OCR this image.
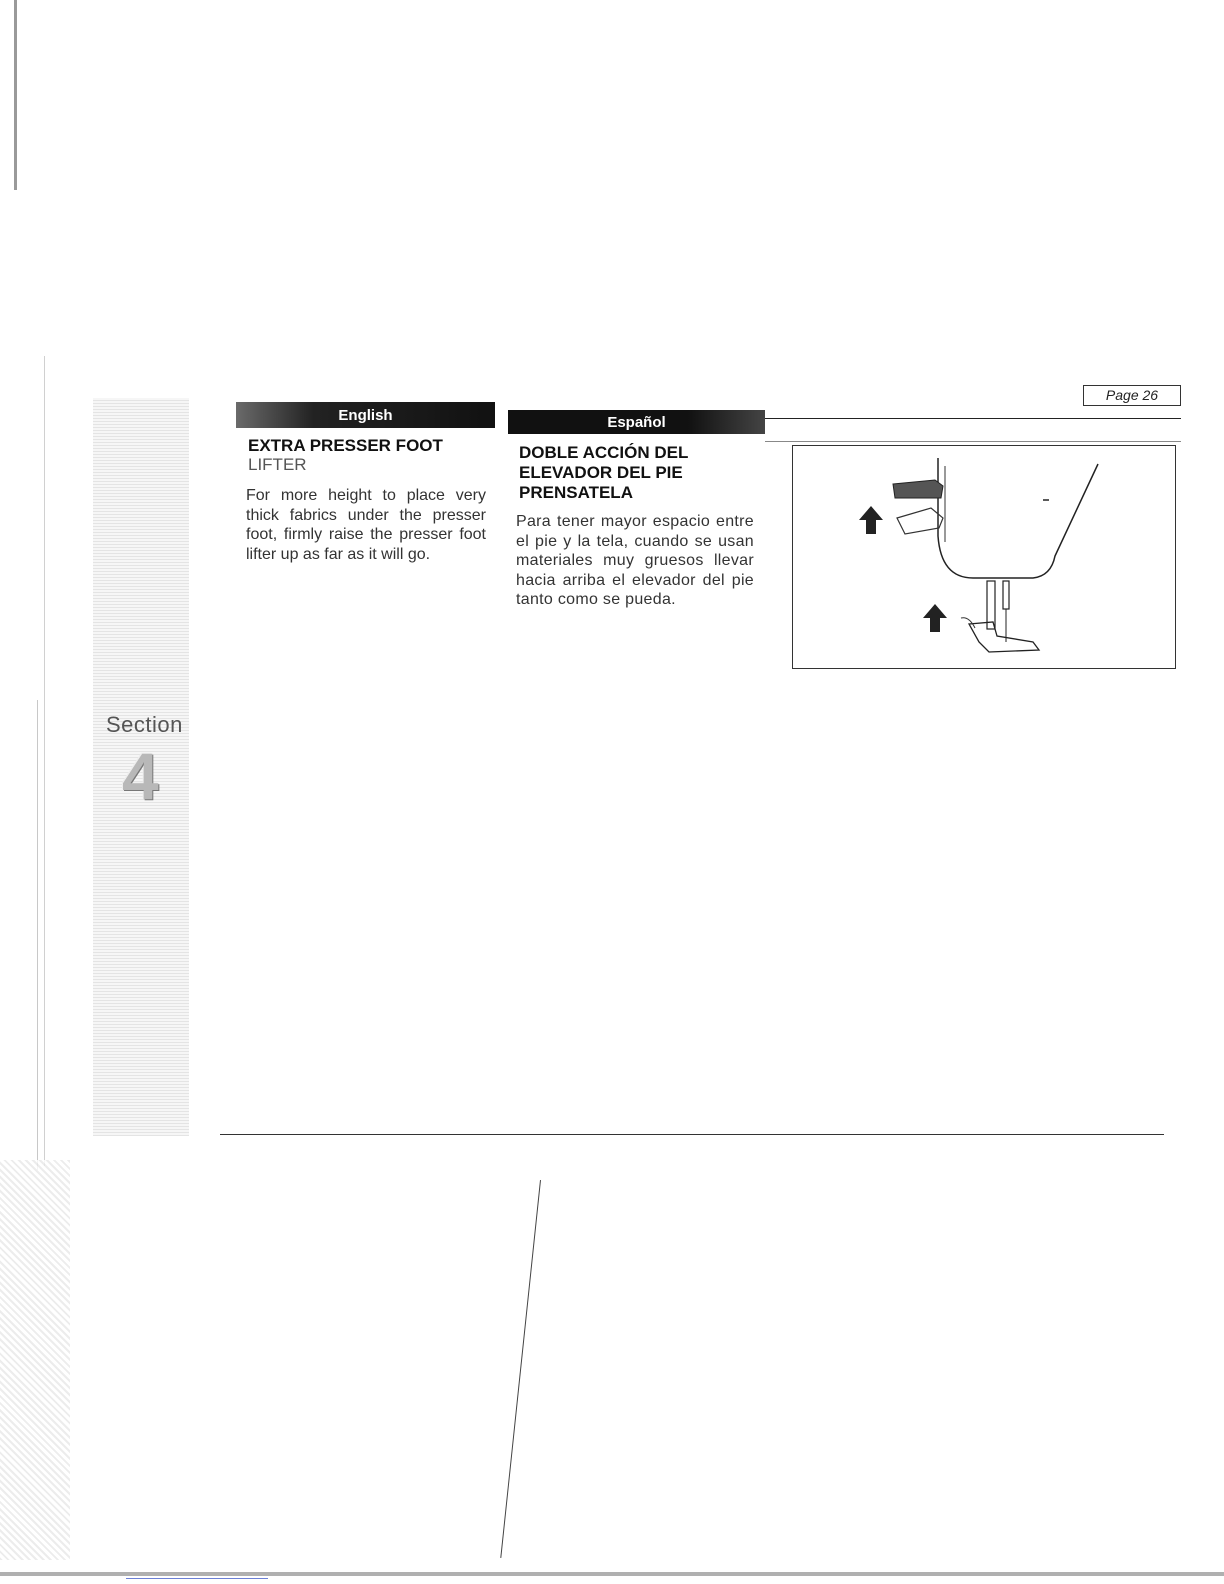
Section
4
Page 26
English	Español
EXTRA PRESSER FOOT
LIFTER
For more height to place very thick fabrics under the presser foot, firmly raise the presser foot lifter up as far as it will go.
DOBLE ACCIÓN DEL ELEVADOR DEL PIE PRENSATELA
Para tener mayor espacio entre el pie y la tela, cuando se usan materiales muy gruesos llevar hacia arriba el elevador del pie tanto como se pueda.
